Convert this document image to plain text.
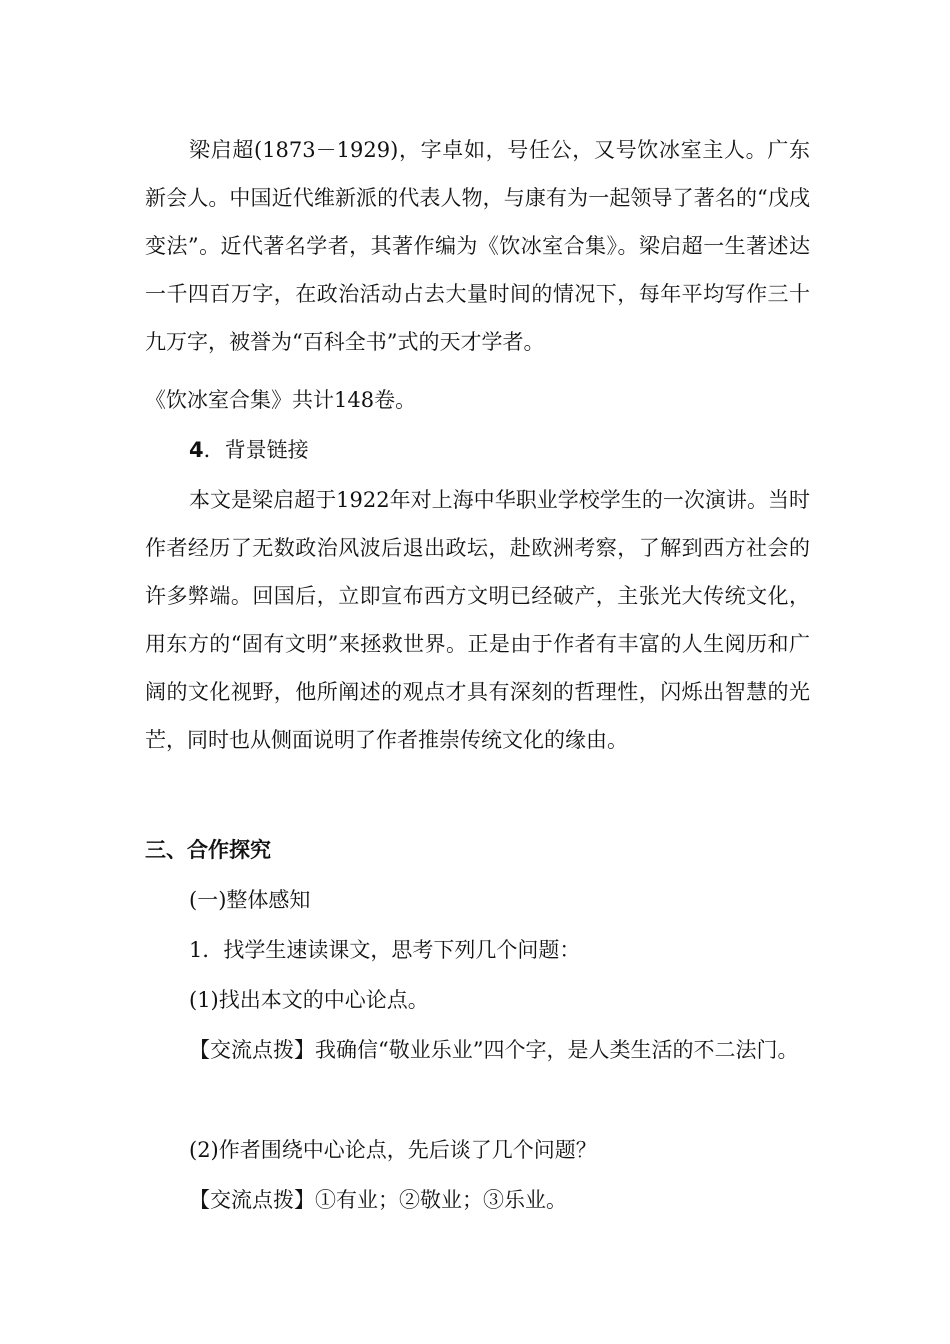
梁启超(1873－1929)，字卓如，号任公，又号饮冰室主人。广东新会人。中国近代维新派的代表人物，与康有为一起领导了著名的“戊戌变法”。近代著名学者，其著作编为《饮冰室合集》。梁启超一生著述达一千四百万字，在政治活动占去大量时间的情况下，每年平均写作三十九万字，被誉为“百科全书”式的天才学者。

《饮冰室合集》共计148卷。

4．背景链接

本文是梁启超于1922年对上海中华职业学校学生的一次演讲。当时作者经历了无数政治风波后退出政坛，赴欧洲考察，了解到西方社会的许多弊端。回国后，立即宣布西方文明已经破产，主张光大传统文化，用东方的“固有文明”来拯救世界。正是由于作者有丰富的人生阅历和广阔的文化视野，他所阐述的观点才具有深刻的哲理性，闪烁出智慧的光芒，同时也从侧面说明了作者推崇传统文化的缘由。

三、合作探究

(一)整体感知

1．找学生速读课文，思考下列几个问题：

(1)找出本文的中心论点。

【交流点拨】我确信“敬业乐业”四个字，是人类生活的不二法门。

(2)作者围绕中心论点，先后谈了几个问题？

【交流点拨】①有业；②敬业；③乐业。
